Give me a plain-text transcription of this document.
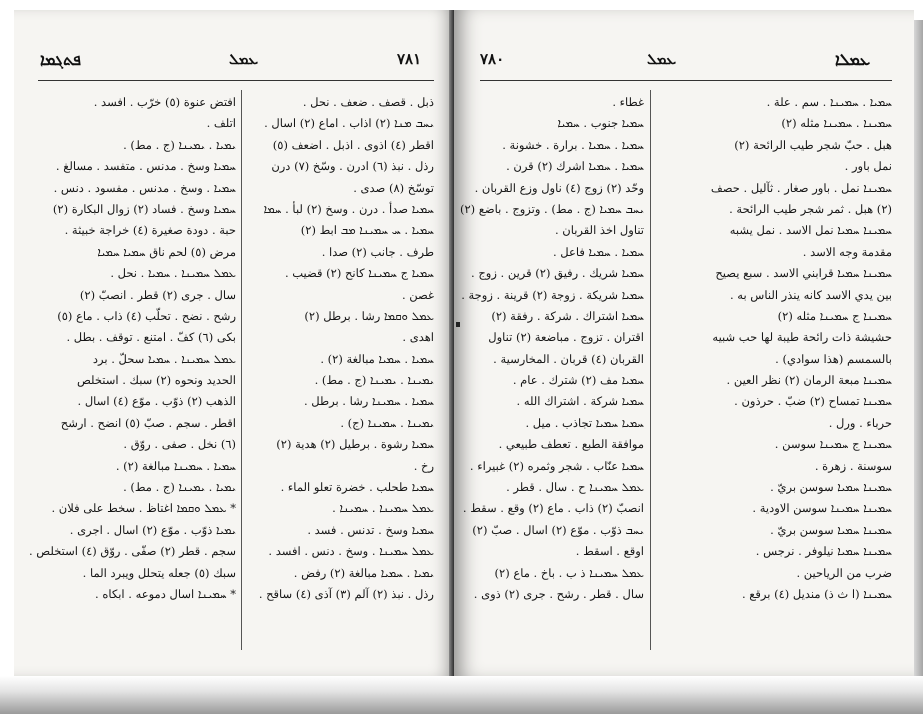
ܦܬܓܡܐ	ܥܡܠ	٧٨١
ذبل . قصف . ضعف . نحل .
ܝܚܒ ܡܢܐ (٢) اذاب . اماع (٢) اسال .
اقطر (٤) اذوى . اذبل . اضعف (٥)
رذل . نبذ (٦) ادرن . وسّخ (٧) درن
توسّخ (٨) صدى .
ܚܡܝܐ صدأ . درن . وسخ (٢) لبأ . ܚܡܐ
ܚܡܝܐ . ܚ ܚܡܝܢܐ ܡܒ ابط (٢)
طرف . جانب (٢) صدا .
ܚܡܝܐ ج ܚܡܝܢܐ كانح (٢) قضيب .
غصن .
ܥܡܠ ܘܩܡܐ رشا . برطل (٢)
اهدى .
ܚܡܝܐ . ܚܡܝܐ مبالغة (٢) .
ܝܡܝܢܐ . ܝܡܝܢܐ (ج . مط) .
ܚܡܝܐ . ܚܡܝܢܐ رشا . برطل .
ܝܡܝܢܐ . ܚܡܝܢܐ (ج) .
ܚܡܝܐ رشوة . برطيل (٢) هدية (٢)
رخ .
ܚܡܝܐ طحلب . خضرة تعلو الماء .
ܥܡܠ ܚܡܝܢܐ . ܚܡܝܢܐ .
ܚܡܝܐ وسخ . تدنس . فسد .
ܥܡܠ ܚܡܝܢܐ . وسخ . دنس . افسد .
ܝܡܝܐ . ܚܡܝܐ مبالغة (٢) رفض .
رذل . نبذ (٢) آلم (٣) آذى (٤) ساقح .
افتض عنوة (٥) خرّب . افسد .
اتلف .
ܝܡܝܐ . ܝܡܝܢܐ (ج . مط) .
ܚܡܝܐ وسخ . مدنس . متفسد . مسالغ .
ܚܡܝܐ . وسخ . مدنس . مفسود . دنس .
ܚܡܝܐ وسخ . فساد (٢) زوال البكارة (٢)
حبة . دودة صغيرة (٤) خراجة خبيثة .
مرض (٥) لحم ناق ܚܡܝܐ ܚܡܝܐ
ܥܡܠ ܚܡܝܢܐ . ܚܡܝܐ . نحل .
سال . جرى (٢) قطر . انصبّ (٢)
رشح . نضح . تحلّب (٤) ذاب . ماع (٥)
بكى (٦) كفّ . امتنع . توقف . بطل .
ܥܡܠ ܚܡܝܢܐ . ܚܡܝܐ سحلّ . برد
الحديد ونحوه (٢) سبك . استخلص
الذهب (٢) ذوّب . موّع (٤) اسال .
اقطر . سجم . صبّ (٥) انضح . ارشح
(٦) نخل . صفى . روّق .
ܚܡܝܐ . ܚܡܝܢܐ مبالغة (٢) .
ܝܡܝܐ . ܝܡܝܢܐ (ج . مط) .
* ܥܡܠ ܘܩܡܐ اغتاظ . سخط على فلان .
ܝܡܝܐ ذوّب . موّع (٢) اسال . اجرى .
سجم . قطر (٢) صفّى . روّق (٤) استخلص .
سبك (٥) جعله يتحلل ويبرد الما .
* ܚܡܝܢܐ اسال دموعه . ابكاه .
٧٨٠	ܥܡܠ	ܥܡܠܐ
غطاء .
ܚܡܝܐ جنوب . ܚܡܝܐ
ܚܡܝܐ . ܚܡܝܐ . برارة . خشونة .
ܚܡܝܐ . ܚܡܝܐ اشرك (٢) قرن .
وحّد (٢) زوج (٤) ناول وزع القربان .
ܝܚܒ ܚܡܝܐ (ج . مط) . وتزوج . باضع (٢)
تناول اخذ القربان .
ܚܡܝܐ . ܚܡܝܐ فاعل .
ܚܡܝܐ شريك . رفيق (٢) قرين . زوج .
ܚܡܝܐ شريكة . زوجة (٢) قرينة . زوجة .
ܚܡܝܐ اشتراك . شركة . رفقة (٢)
اقتران . تزوج . مباضعة (٢) تناول
القربان (٤) قربان . المخارسية .
ܚܡܝܐ مف (٢) شترك . عام .
ܚܡܝܐ شركة . اشتراك الله .
ܚܡܝܐ ܚܡܝܐ تجاذب . ميل .
موافقة الطبع . تعطف طبيعي .
ܚܡܝܐ عنّاب . شجر وثمره (٢) غبيراء .
ܥܡܠ ܚܡܝܢܐ ح . سال . قطر .
انصبّ (٢) ذاب . ماع (٢) وقع . سقط .
ܝܚܒ ذوّب . موّع (٢) اسال . صبّ (٢)
اوقع . اسقط .
ܥܡܠ ܚܡܝܢܐ ذ ب . باخ . ماع (٢)
سال . قطر . رشح . جرى (٢) ذوى .
ܚܡܝܐ . ܚܡܝܢܐ . سم . علة .
ܚܡܝܢܐ . ܚܡܝܢܐ مثله (٢)
هبل . حبّ شجر طيب الرائحة (٢)
نمل باور .
ܚܡܝܢܐ نمل . باور صغار . ثآليل . حصف
(٢) هبل . ثمر شجر طيب الرائحة .
ܚܡܝܢܐ ܚܡܝܐ نمل الاسد . نمل يشبه
مقدمة وجه الاسد .
ܚܡܝܢܐ ܚܡܝܐ قرابني الاسد . سبع يصيح
بين يدي الاسد كانه ينذر الناس به .
ܚܡܝܢܐ ج ܚܡܝܢܐ مثله (٢)
حشيشة ذات رائحة طيبة لها حب شبيه
بالسمسم (هذا سوادي) .
ܚܡܝܢܐ مبعة الرمان (٢) نظر العين .
ܚܡܝܢܐ تمساح (٢) ضبّ . حرذون .
حرباء . ورل .
ܚܡܝܢܐ ج ܚܡܝܢܐ سوسن .
سوسنة . زهرة .
ܚܡܝܢܐ ܚܡܝܐ سوسن بريّ .
ܚܡܝܢܐ ܚܡܝܢܐ سوسن الاودية .
ܚܡܝܢܐ ܚܡܝܐ سوسن بريّ .
ܚܡܝܢܐ ܚܡܝܐ نيلوفر . نرجس .
ضرب من الرياحين .
ܚܡܝܢܐ (ا ث ذ) منديل (٤) برقع .
